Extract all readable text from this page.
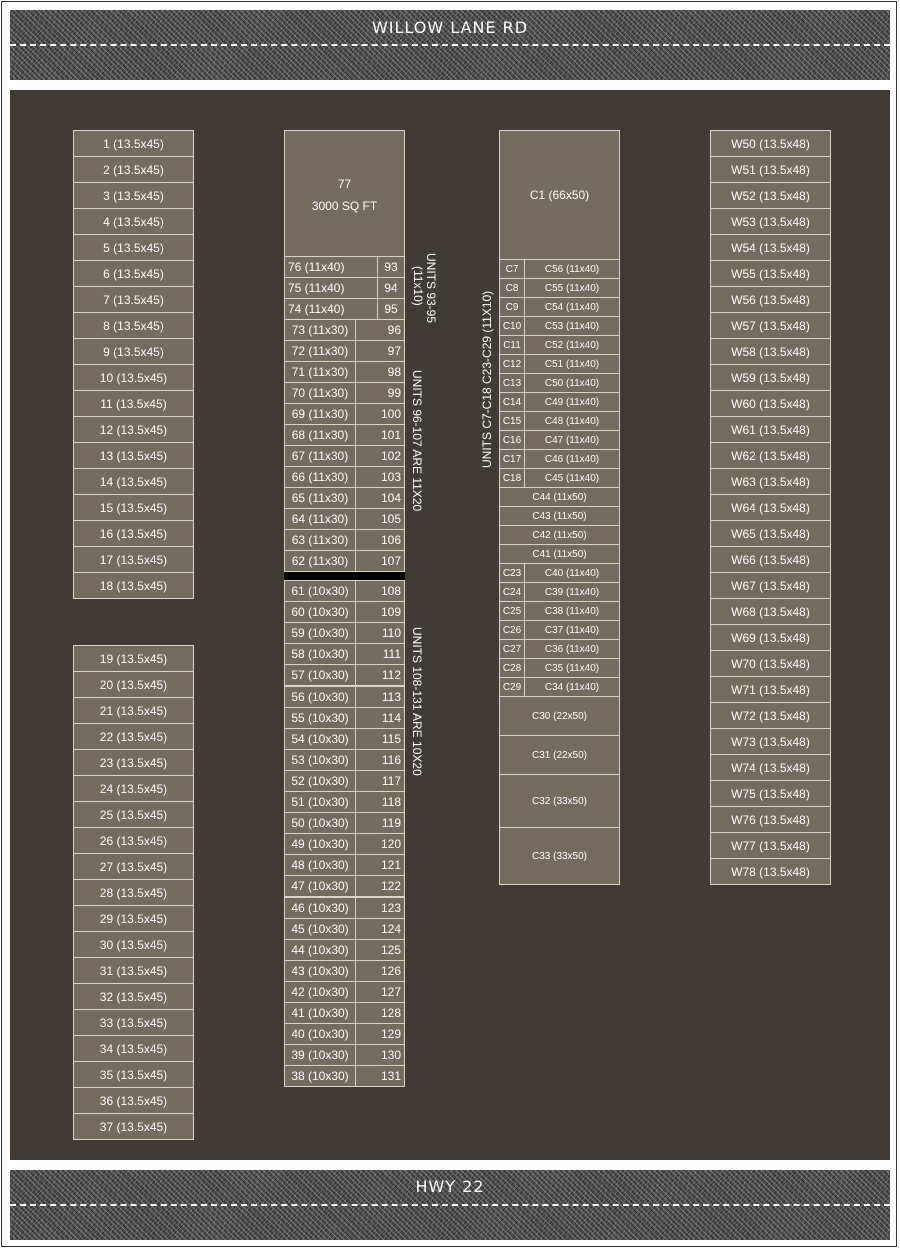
WILLOW LANE RD
1 (13.5x45)
2 (13.5x45)
3 (13.5x45)
4 (13.5x45)
5 (13.5x45)
6 (13.5x45)
7 (13.5x45)
8 (13.5x45)
9 (13.5x45)
10 (13.5x45)
11 (13.5x45)
12 (13.5x45)
13 (13.5x45)
14 (13.5x45)
15 (13.5x45)
16 (13.5x45)
17 (13.5x45)
18 (13.5x45)
19 (13.5x45)
20 (13.5x45)
21 (13.5x45)
22 (13.5x45)
23 (13.5x45)
24 (13.5x45)
25 (13.5x45)
26 (13.5x45)
27 (13.5x45)
28 (13.5x45)
29 (13.5x45)
30 (13.5x45)
31 (13.5x45)
32 (13.5x45)
33 (13.5x45)
34 (13.5x45)
35 (13.5x45)
36 (13.5x45)
37 (13.5x45)
77
3000 SQ FT
76 (11x40)	93
75 (11x40)	94
74 (11x40)	95
73 (11x30)	96
72 (11x30)	97
71 (11x30)	98
70 (11x30)	99
69 (11x30)	100
68 (11x30)	101
67 (11x30)	102
66 (11x30)	103
65 (11x30)	104
64 (11x30)	105
63 (11x30)	106
62 (11x30)	107
61 (10x30)	108
60 (10x30)	109
59 (10x30)	110
58 (10x30)	111
57 (10x30)	112
56 (10x30)	113
55 (10x30)	114
54 (10x30)	115
53 (10x30)	116
52 (10x30)	117
51 (10x30)	118
50 (10x30)	119
49 (10x30)	120
48 (10x30)	121
47 (10x30)	122
46 (10x30)	123
45 (10x30)	124
44 (10x30)	125
43 (10x30)	126
42 (10x30)	127
41 (10x30)	128
40 (10x30)	129
39 (10x30)	130
38 (10x30)	131
C1 (66x50)
C7	C56 (11x40)
C8	C55 (11x40)
C9	C54 (11x40)
C10	C53 (11x40)
C11	C52 (11x40)
C12	C51 (11x40)
C13	C50 (11x40)
C14	C49 (11x40)
C15	C48 (11x40)
C16	C47 (11x40)
C17	C46 (11x40)
C18	C45 (11x40)
C44 (11x50)
C43 (11x50)
C42 (11x50)
C41 (11x50)
C23	C40 (11x40)
C24	C39 (11x40)
C25	C38 (11x40)
C26	C37 (11x40)
C27	C36 (11x40)
C28	C35 (11x40)
C29	C34 (11x40)
C30 (22x50)
C31 (22x50)
C32 (33x50)
C33 (33x50)
W50 (13.5x48)
W51 (13.5x48)
W52 (13.5x48)
W53 (13.5x48)
W54 (13.5x48)
W55 (13.5x48)
W56 (13.5x48)
W57 (13.5x48)
W58 (13.5x48)
W59 (13.5x48)
W60 (13.5x48)
W61 (13.5x48)
W62 (13.5x48)
W63 (13.5x48)
W64 (13.5x48)
W65 (13.5x48)
W66 (13.5x48)
W67 (13.5x48)
W68 (13.5x48)
W69 (13.5x48)
W70 (13.5x48)
W71 (13.5x48)
W72 (13.5x48)
W73 (13.5x48)
W74 (13.5x48)
W75 (13.5x48)
W76 (13.5x48)
W77 (13.5x48)
W78 (13.5x48)
UNITS 93-95
(11x10)
UNITS 96-107 ARE 11X20
UNITS 108-131 ARE 10X20
UNITS C7-C18 C23-C29 (11X10)
HWY 22
